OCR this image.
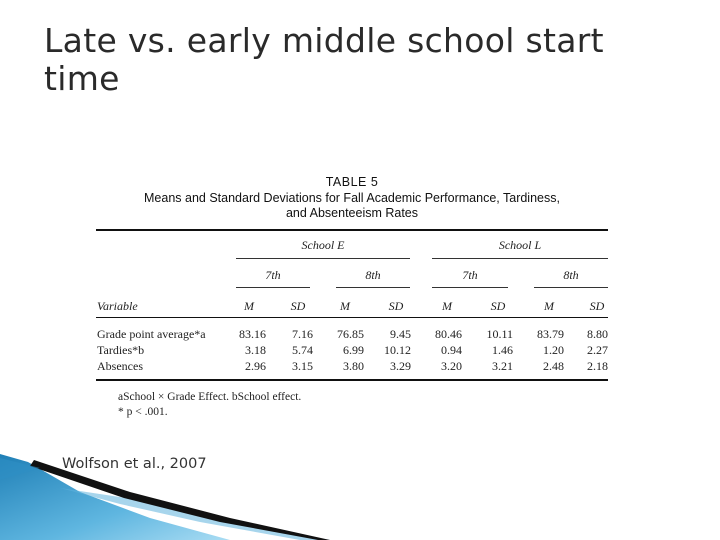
Late vs. early middle school start time
TABLE 5
Means and Standard Deviations for Fall Academic Performance, Tardiness,
and Absenteeism Rates
School E	School L
7th	8th	7th	8th
Variable	M	SD	M	SD	M	SD	M	SD
Grade point average*a	83.16	7.16	76.85	9.45	80.46	10.11	83.79	8.80
Tardies*b	3.18	5.74	6.99	10.12	0.94	1.46	1.20	2.27
Absences	2.96	3.15	3.80	3.29	3.20	3.21	2.48	2.18
aSchool × Grade Effect. bSchool effect.
* p < .001.
Wolfson et al., 2007
